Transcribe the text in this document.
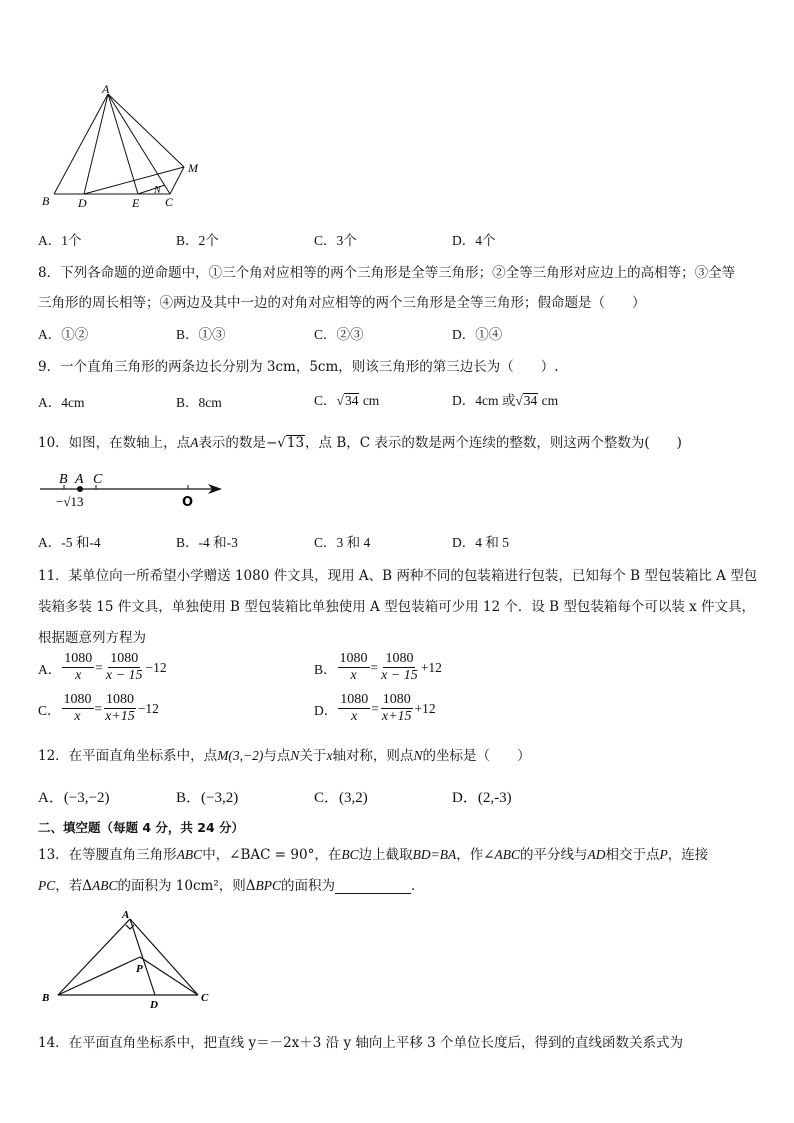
A
M
B D	E C
N
A．1个	B．2个	C．3个	D．4个
8．下列各命题的逆命题中，①三个角对应相等的两个三角形是全等三角形；②全等三角形对应边上的高相等；③全等
三角形的周长相等；④两边及其中一边的对角对应相等的两个三角形是全等三角形；假命题是（　　）
A．①②	B．①③	C．②③	D．①④
9．一个直角三角形的两条边长分别为 3cm，5cm，则该三角形的第三边长为（　　）.
A．4cm	B．8cm	C．√34 cm	D．4cm 或√34 cm
10．如图，在数轴上，点A表示的数是−√13，点 B，C 表示的数是两个连续的整数，则这两个整数为(　　)
B A C
−√13	O
A．-5 和-4	B．-4 和-3	C．3 和 4	D．4 和 5
11．某单位向一所希望小学赠送 1080 件文具，现用 A、B 两种不同的包装箱进行包装，已知每个 B 型包装箱比 A 型包
装箱多装 15 件文具，单独使用 B 型包装箱比单独使用 A 型包装箱可少用 12 个．设 B 型包装箱每个可以装 x 件文具，
根据题意列方程为
A． $\frac{1080}{x} = \frac{1080}{x - 15} -12$	B． $\frac{1080}{x} = \frac{1080}{x - 15} +12$
C． $\frac{1080}{x} = \frac{1080}{x+15} -12$	D． $\frac{1080}{x} = \frac{1080}{x+15} +12$
12．在平面直角坐标系中，点M(3,−2)与点N关于x轴对称，则点N的坐标是（　　）
A．(−3,−2)	B．(−3,2)	C．(3,2)	D．(2,-3)
二、填空题（每题 4 分，共 24 分）
13．在等腰直角三角形ABC中，∠BAC = 90°，在BC边上截取BD=BA，作∠ABC的平分线与AD相交于点P，连接
PC，若ΔABC的面积为 10cm²，则ΔBPC的面积为	．
A
P
B
D
C
14．在平面直角坐标系中，把直线 y＝－2x＋3 沿 y 轴向上平移 3 个单位长度后，得到的直线函数关系式为
